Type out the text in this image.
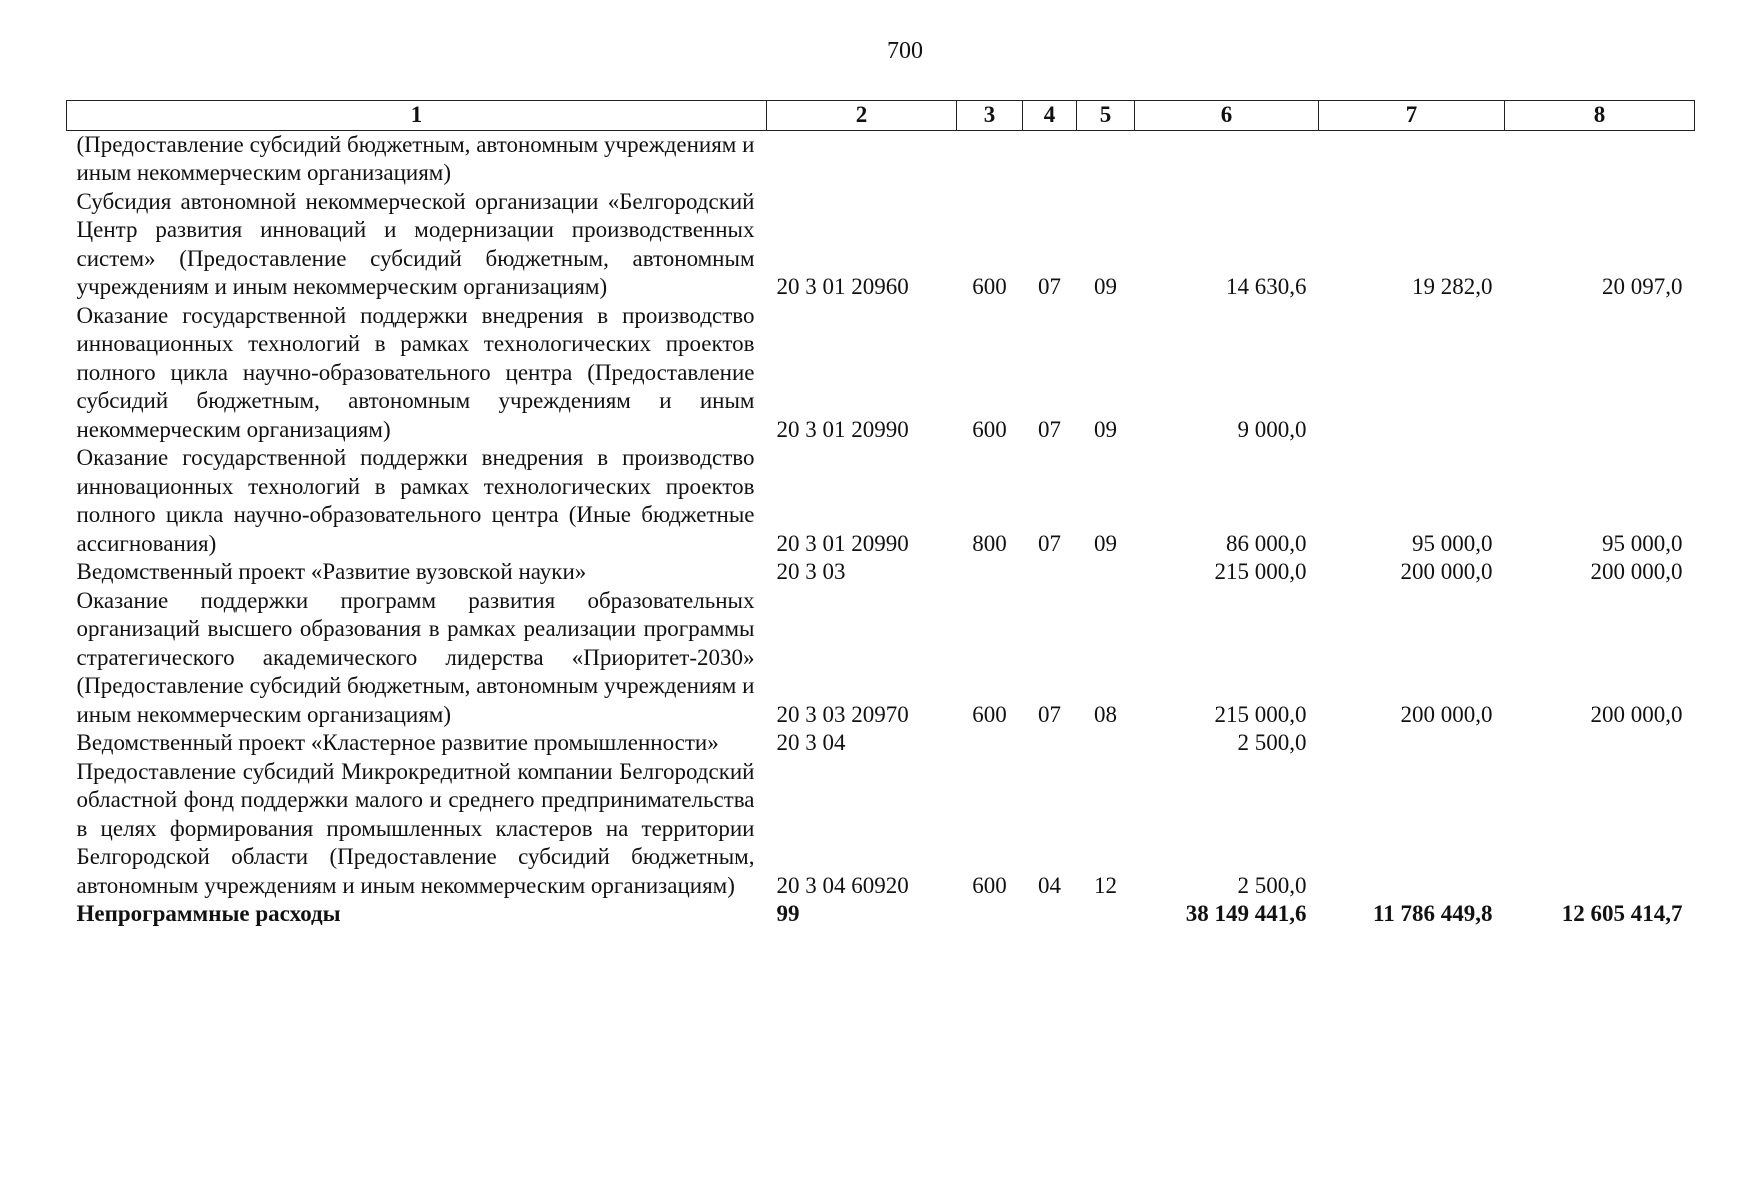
700
1	2	3	4	5	6	7	8
(Предоставление субсидий бюджетным, автономным учреждениям и иным некоммерческим организациям)							
Субсидия автономной некоммерческой организации «Белгородский Центр развития инноваций и модернизации производственных систем» (Предоставление субсидий бюджетным, автономным учреждениям и иным некоммерческим организациям)	20 3 01 20960	600	07	09	14 630,6	19 282,0	20 097,0
Оказание государственной поддержки внедрения в производство инновационных технологий в рамках технологических проектов полного цикла научно-образовательного центра (Предоставление субсидий бюджетным, автономным учреждениям и иным некоммерческим организациям)	20 3 01 20990	600	07	09	9 000,0		
Оказание государственной поддержки внедрения в производство инновационных технологий в рамках технологических проектов полного цикла научно-образовательного центра (Иные бюджетные ассигнования)	20 3 01 20990	800	07	09	86 000,0	95 000,0	95 000,0
Ведомственный проект «Развитие вузовской науки»	20 3 03				215 000,0	200 000,0	200 000,0
Оказание поддержки программ развития образовательных организаций высшего образования в рамках реализации программы стратегического академического лидерства «Приоритет-2030» (Предоставление субсидий бюджетным, автономным учреждениям и иным некоммерческим организациям)	20 3 03 20970	600	07	08	215 000,0	200 000,0	200 000,0
Ведомственный проект «Кластерное развитие промышленности»	20 3 04				2 500,0		
Предоставление субсидий Микрокредитной компании Белгородский областной фонд поддержки малого и среднего предпринимательства в целях формирования промышленных кластеров на территории Белгородской области (Предоставление субсидий бюджетным, автономным учреждениям и иным некоммерческим организациям)	20 3 04 60920	600	04	12	2 500,0		
Непрограммные расходы	99				38 149 441,6	11 786 449,8	12 605 414,7
